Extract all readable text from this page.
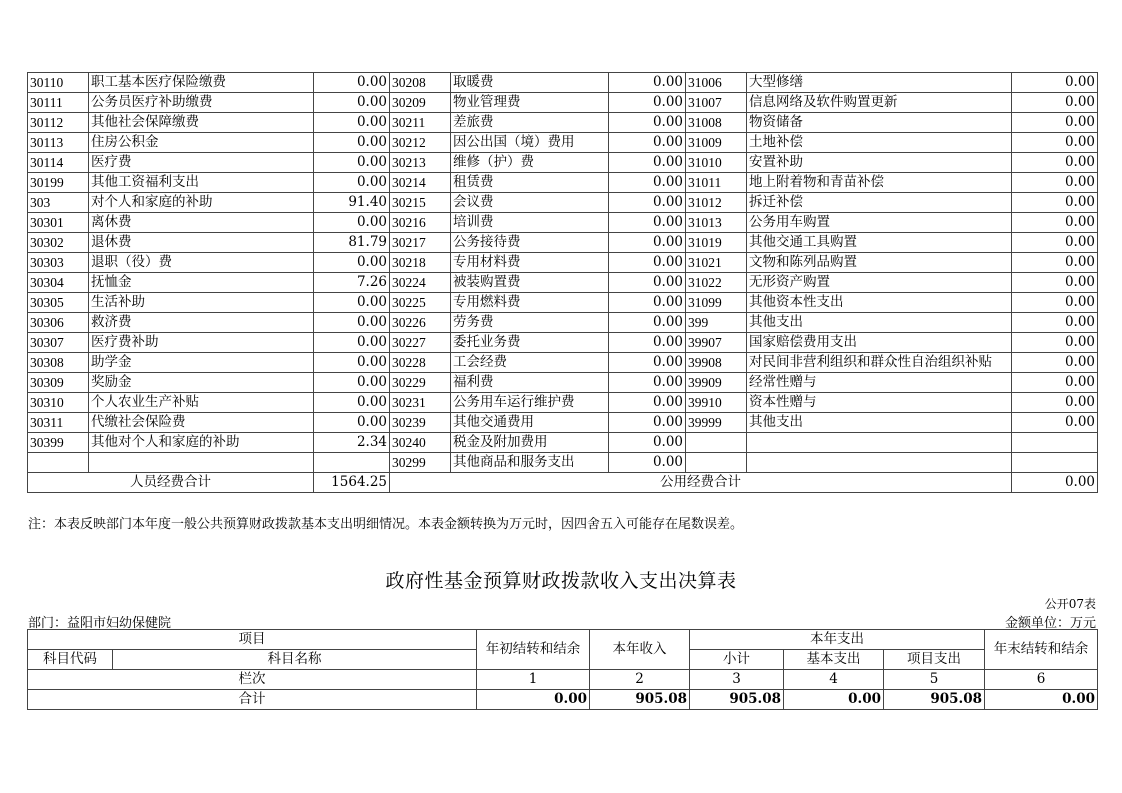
30110	职工基本医疗保险缴费	0.00	30208	取暖费	0.00	31006	大型修缮	0.00
30111	公务员医疗补助缴费	0.00	30209	物业管理费	0.00	31007	信息网络及软件购置更新	0.00
30112	其他社会保障缴费	0.00	30211	差旅费	0.00	31008	物资储备	0.00
30113	住房公积金	0.00	30212	因公出国（境）费用	0.00	31009	土地补偿	0.00
30114	医疗费	0.00	30213	维修（护）费	0.00	31010	安置补助	0.00
30199	其他工资福利支出	0.00	30214	租赁费	0.00	31011	地上附着物和青苗补偿	0.00
303	对个人和家庭的补助	91.40	30215	会议费	0.00	31012	拆迁补偿	0.00
30301	离休费	0.00	30216	培训费	0.00	31013	公务用车购置	0.00
30302	退休费	81.79	30217	公务接待费	0.00	31019	其他交通工具购置	0.00
30303	退职（役）费	0.00	30218	专用材料费	0.00	31021	文物和陈列品购置	0.00
30304	抚恤金	7.26	30224	被装购置费	0.00	31022	无形资产购置	0.00
30305	生活补助	0.00	30225	专用燃料费	0.00	31099	其他资本性支出	0.00
30306	救济费	0.00	30226	劳务费	0.00	399	其他支出	0.00
30307	医疗费补助	0.00	30227	委托业务费	0.00	39907	国家赔偿费用支出	0.00
30308	助学金	0.00	30228	工会经费	0.00	39908	对民间非营利组织和群众性自治组织补贴	0.00
30309	奖励金	0.00	30229	福利费	0.00	39909	经常性赠与	0.00
30310	个人农业生产补贴	0.00	30231	公务用车运行维护费	0.00	39910	资本性赠与	0.00
30311	代缴社会保险费	0.00	30239	其他交通费用	0.00	39999	其他支出	0.00
30399	其他对个人和家庭的补助	2.34	30240	税金及附加费用	0.00			
			30299	其他商品和服务支出	0.00			
人员经费合计		1564.25	公用经费合计					0.00
注：本表反映部门本年度一般公共预算财政拨款基本支出明细情况。本表金额转换为万元时，因四舍五入可能存在尾数误差。
政府性基金预算财政拨款收入支出决算表
公开07表
部门：益阳市妇幼保健院	金额单位：万元
项目		年初结转和结余	本年收入	本年支出			年末结转和结余
科目代码	科目名称			小计	基本支出	项目支出	
栏次		1	2	3	4	5	6
合计		0.00	905.08	905.08	0.00	905.08	0.00
